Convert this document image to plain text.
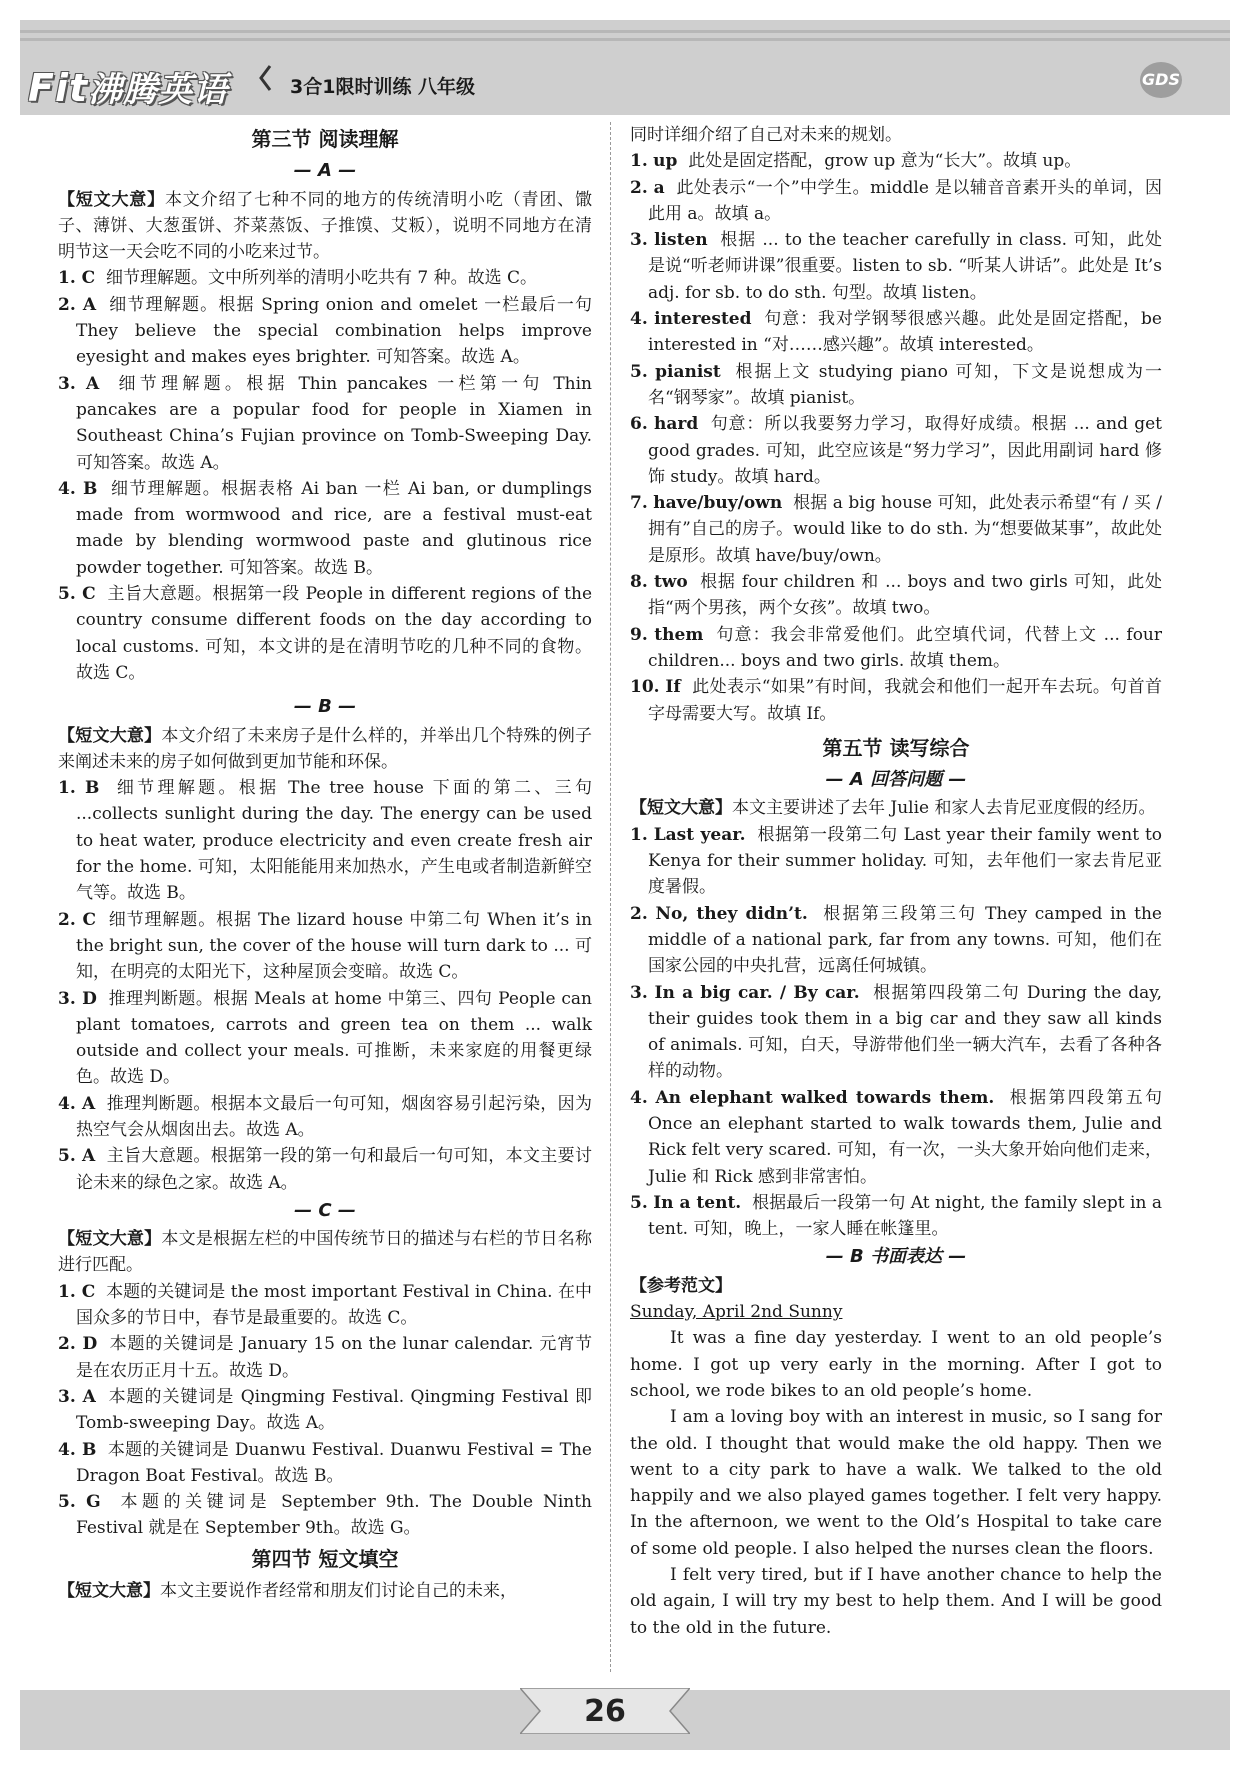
Fit沸腾英语	3合1限时训练 八年级	GDS
第三节 阅读理解
— A —
【短文大意】本文介绍了七种不同的地方的传统清明小吃（青团、馓子、薄饼、大葱蛋饼、芥菜蒸饭、子推馍、艾粄），说明不同地方在清明节这一天会吃不同的小吃来过节。
1. C 细节理解题。文中所列举的清明小吃共有 7 种。故选 C。
2. A 细节理解题。根据 Spring onion and omelet 一栏最后一句 They believe the special combination helps improve eyesight and makes eyes brighter. 可知答案。故选 A。
3. A 细节理解题。根据 Thin pancakes 一栏第一句 Thin pancakes are a popular food for people in Xiamen in Southeast China’s Fujian province on Tomb-Sweeping Day. 可知答案。故选 A。
4. B 细节理解题。根据表格 Ai ban 一栏 Ai ban, or dumplings made from wormwood and rice, are a festival must-eat made by blending wormwood paste and glutinous rice powder together. 可知答案。故选 B。
5. C 主旨大意题。根据第一段 People in different regions of the country consume different foods on the day according to local customs. 可知，本文讲的是在清明节吃的几种不同的食物。故选 C。
— B —
【短文大意】本文介绍了未来房子是什么样的，并举出几个特殊的例子来阐述未来的房子如何做到更加节能和环保。
1. B 细节理解题。根据 The tree house 下面的第二、三句 ...collects sunlight during the day. The energy can be used to heat water, produce electricity and even create fresh air for the home. 可知，太阳能能用来加热水，产生电或者制造新鲜空气等。故选 B。
2. C 细节理解题。根据 The lizard house 中第二句 When it’s in the bright sun, the cover of the house will turn dark to ... 可知，在明亮的太阳光下，这种屋顶会变暗。故选 C。
3. D 推理判断题。根据 Meals at home 中第三、四句 People can plant tomatoes, carrots and green tea on them ... walk outside and collect your meals. 可推断，未来家庭的用餐更绿色。故选 D。
4. A 推理判断题。根据本文最后一句可知，烟囱容易引起污染，因为热空气会从烟囱出去。故选 A。
5. A 主旨大意题。根据第一段的第一句和最后一句可知，本文主要讨论未来的绿色之家。故选 A。
— C —
【短文大意】本文是根据左栏的中国传统节日的描述与右栏的节日名称进行匹配。
1. C 本题的关键词是 the most important Festival in China. 在中国众多的节日中，春节是最重要的。故选 C。
2. D 本题的关键词是 January 15 on the lunar calendar. 元宵节是在农历正月十五。故选 D。
3. A 本题的关键词是 Qingming Festival. Qingming Festival 即 Tomb-sweeping Day。故选 A。
4. B 本题的关键词是 Duanwu Festival. Duanwu Festival = The Dragon Boat Festival。故选 B。
5. G 本题的关键词是 September 9th. The Double Ninth Festival 就是在 September 9th。故选 G。
第四节 短文填空
【短文大意】本文主要说作者经常和朋友们讨论自己的未来，
同时详细介绍了自己对未来的规划。
1. up 此处是固定搭配，grow up 意为“长大”。故填 up。
2. a 此处表示“一个”中学生。middle 是以辅音音素开头的单词，因此用 a。故填 a。
3. listen 根据 ... to the teacher carefully in class. 可知，此处是说“听老师讲课”很重要。listen to sb. “听某人讲话”。此处是 It’s adj. for sb. to do sth. 句型。故填 listen。
4. interested 句意：我对学钢琴很感兴趣。此处是固定搭配，be interested in “对……感兴趣”。故填 interested。
5. pianist 根据上文 studying piano 可知，下文是说想成为一名“钢琴家”。故填 pianist。
6. hard 句意：所以我要努力学习，取得好成绩。根据 ... and get good grades. 可知，此空应该是“努力学习”，因此用副词 hard 修饰 study。故填 hard。
7. have/buy/own 根据 a big house 可知，此处表示希望“有 / 买 / 拥有”自己的房子。would like to do sth. 为“想要做某事”，故此处是原形。故填 have/buy/own。
8. two 根据 four children 和 ... boys and two girls 可知，此处指“两个男孩，两个女孩”。故填 two。
9. them 句意：我会非常爱他们。此空填代词，代替上文 ... four children... boys and two girls. 故填 them。
10. If 此处表示“如果”有时间，我就会和他们一起开车去玩。句首首字母需要大写。故填 If。
第五节 读写综合
— A 回答问题 —
【短文大意】本文主要讲述了去年 Julie 和家人去肯尼亚度假的经历。
1. Last year. 根据第一段第二句 Last year their family went to Kenya for their summer holiday. 可知，去年他们一家去肯尼亚度暑假。
2. No, they didn’t. 根据第三段第三句 They camped in the middle of a national park, far from any towns. 可知，他们在国家公园的中央扎营，远离任何城镇。
3. In a big car. / By car. 根据第四段第二句 During the day, their guides took them in a big car and they saw all kinds of animals. 可知，白天，导游带他们坐一辆大汽车，去看了各种各样的动物。
4. An elephant walked towards them. 根据第四段第五句 Once an elephant started to walk towards them, Julie and Rick felt very scared. 可知，有一次，一头大象开始向他们走来，Julie 和 Rick 感到非常害怕。
5. In a tent. 根据最后一段第一句 At night, the family slept in a tent. 可知，晚上，一家人睡在帐篷里。
— B 书面表达 —
【参考范文】
Sunday, April 2nd Sunny
It was a fine day yesterday. I went to an old people’s home. I got up very early in the morning. After I got to school, we rode bikes to an old people’s home.
I am a loving boy with an interest in music, so I sang for the old. I thought that would make the old happy. Then we went to a city park to have a walk. We talked to the old happily and we also played games together. I felt very happy. In the afternoon, we went to the Old’s Hospital to take care of some old people. I also helped the nurses clean the floors.
I felt very tired, but if I have another chance to help the old again, I will try my best to help them. And I will be good to the old in the future.
26
